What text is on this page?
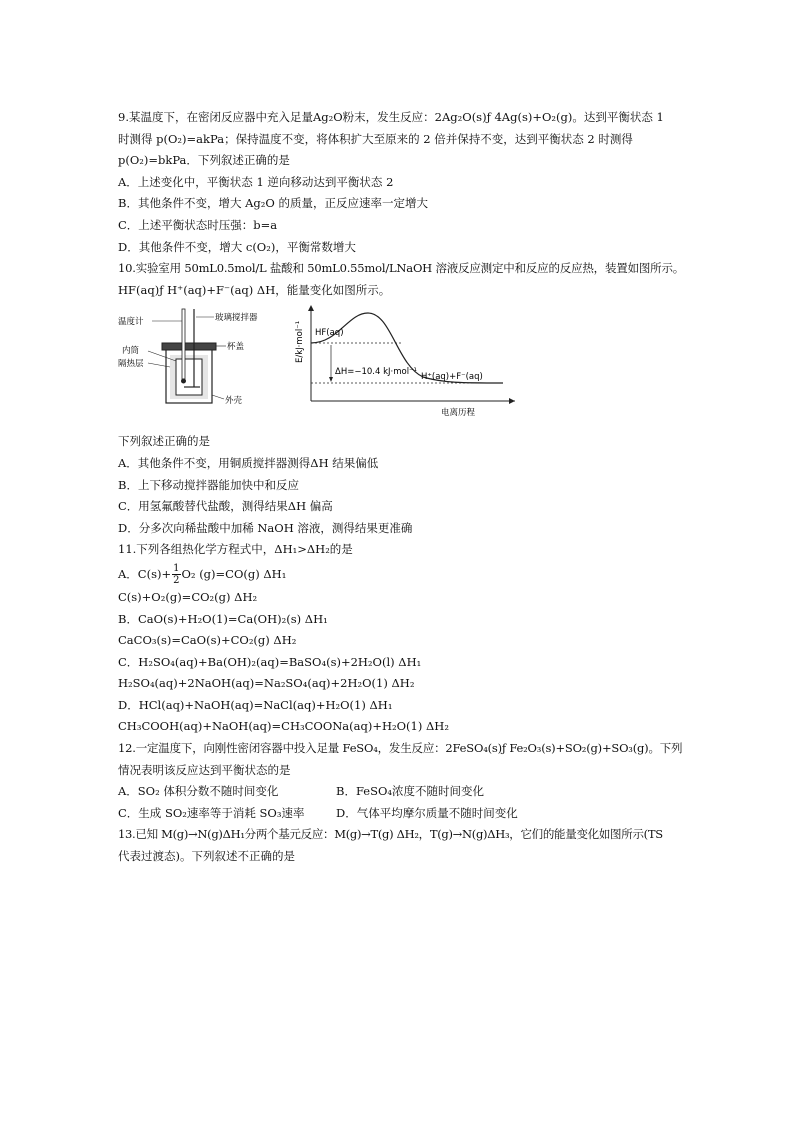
9.某温度下，在密闭反应器中充入足量Ag₂O粉末，发生反应：2Ag₂O(s)ƒ 4Ag(s)+O₂(g)。达到平衡状态 1
时测得 p(O₂)=akPa；保持温度不变，将体积扩大至原来的 2 倍并保持不变，达到平衡状态 2 时测得
p(O₂)=bkPa．下列叙述正确的是
A．上述变化中，平衡状态 1 逆向移动达到平衡状态 2
B．其他条件不变，增大 Ag₂O 的质量，正反应速率一定增大
C．上述平衡状态时压强：b=a
D．其他条件不变，增大 c(O₂)，平衡常数增大
10.实验室用 50mL0.5mol/L 盐酸和 50mL0.55mol/LNaOH 溶液反应测定中和反应的反应热，装置如图所示。
HF(aq)ƒ H⁺(aq)+F⁻(aq) ΔH，能量变化如图所示。
温度计	玻璃搅拌器
内筒
隔热层
杯盖
外壳
E/kJ·mol⁻¹ HF(aq)
ΔH=−10.4 kJ·mol⁻¹ H⁺(aq)+F⁻(aq)
电离历程
下列叙述正确的是
A．其他条件不变，用铜质搅拌器测得ΔH 结果偏低
B．上下移动搅拌器能加快中和反应
C．用氢氟酸替代盐酸，测得结果ΔH 偏高
D．分多次向稀盐酸中加稀 NaOH 溶液，测得结果更准确
11.下列各组热化学方程式中，ΔH₁>ΔH₂的是
A．$C(s)+ \frac{1}{2} O_2$ (g)=CO(g) ΔH₁
C(s)+O₂(g)=CO₂(g) ΔH₂
B．CaO(s)+H₂O(1)=Ca(OH)₂(s) ΔH₁
CaCO₃(s)=CaO(s)+CO₂(g) ΔH₂
C．H₂SO₄(aq)+Ba(OH)₂(aq)=BaSO₄(s)+2H₂O(l) ΔH₁
H₂SO₄(aq)+2NaOH(aq)=Na₂SO₄(aq)+2H₂O(1) ΔH₂
D．HCl(aq)+NaOH(aq)=NaCl(aq)+H₂O(1) ΔH₁
CH₃COOH(aq)+NaOH(aq)=CH₃COONa(aq)+H₂O(1) ΔH₂
12.一定温度下，向刚性密闭容器中投入足量 FeSO₄，发生反应：2FeSO₄(s)ƒ Fe₂O₃(s)+SO₂(g)+SO₃(g)。下列
情况表明该反应达到平衡状态的是
A．SO₂ 体积分数不随时间变化	B．FeSO₄浓度不随时间变化
C．生成 SO₂速率等于消耗 SO₃速率	D．气体平均摩尔质量不随时间变化
13.已知 M(g)→N(g)ΔH₁分两个基元反应：M(g)→T(g) ΔH₂，T(g)→N(g)ΔH₃，它们的能量变化如图所示(TS
代表过渡态)。下列叙述不正确的是
